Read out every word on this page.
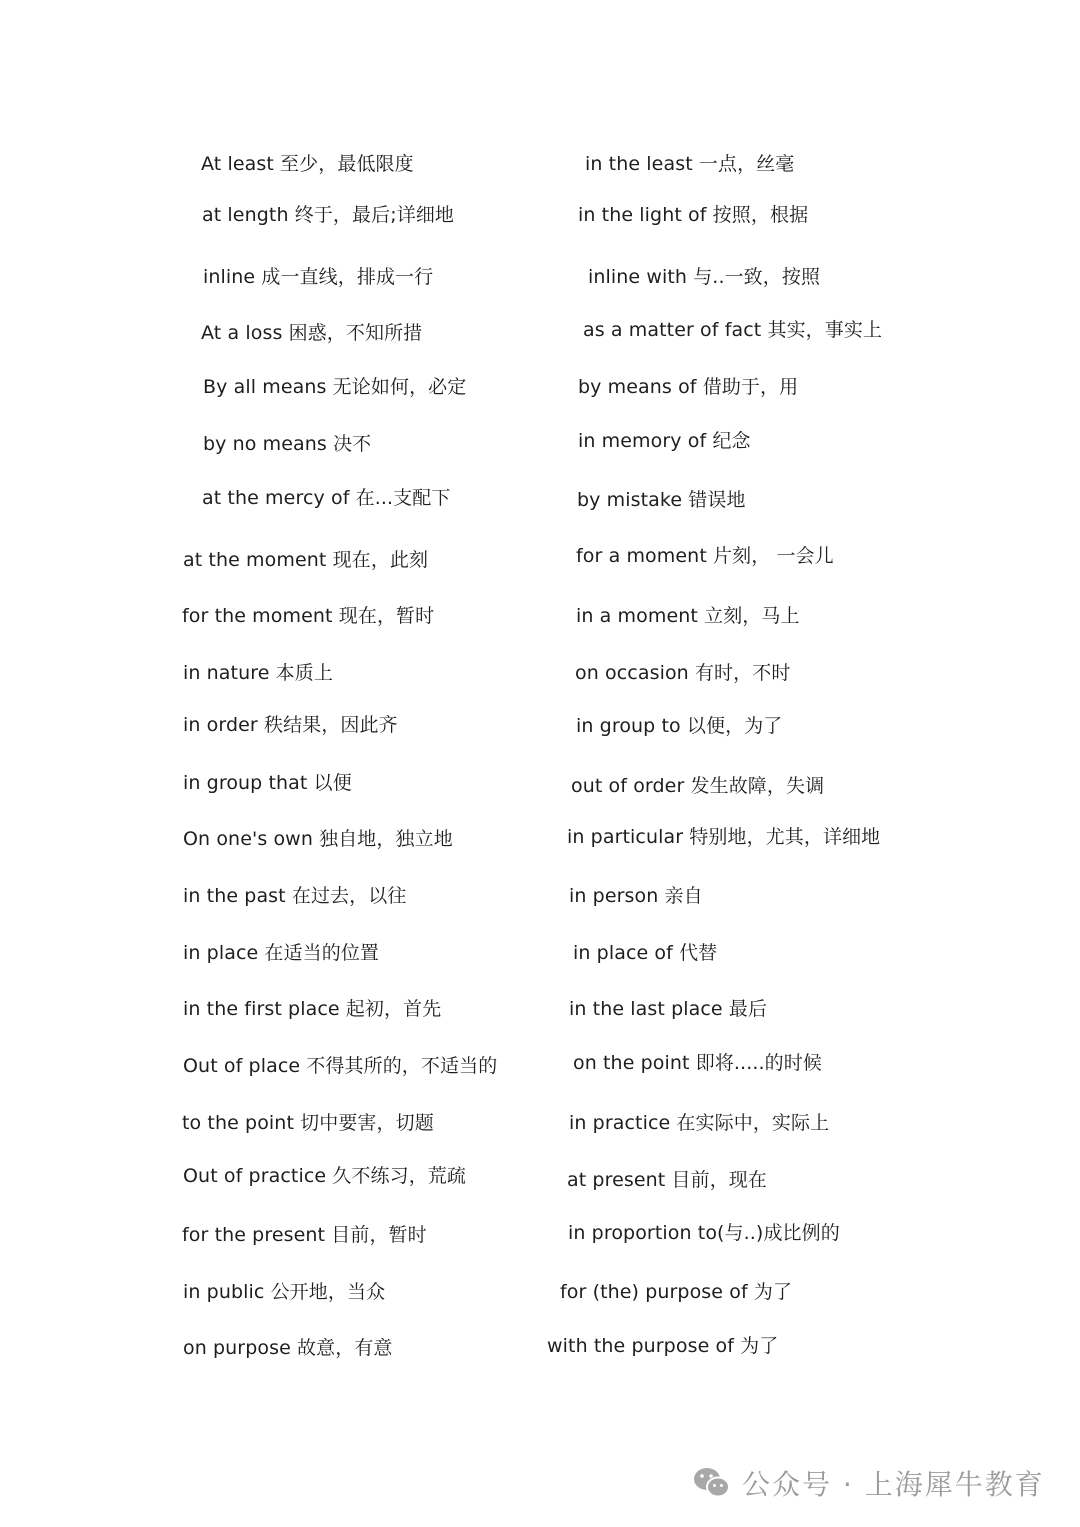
At least 至少，最低限度	in the least 一点，丝毫
at length 终于，最后;详细地	in the light of 按照，根据
inline 成一直线，排成一行	inline with 与..一致，按照
At a loss 困惑，不知所措	as a matter of fact 其实，事实上
By all means 无论如何，必定	by means of 借助于，用
by no means 决不	in memory of 纪念
at the mercy of 在...支配下	by mistake 错误地
at the moment 现在，此刻	for a moment 片刻， 一会儿
for the moment 现在，暂时	in a moment 立刻，马上
in nature 本质上	on occasion 有时，不时
in order 秩结果，因此齐	in group to 以便，为了
in group that 以便	out of order 发生故障，失调
On one's own 独自地，独立地	in particular 特别地，尤其，详细地
in the past 在过去，以往	in person 亲自
in place 在适当的位置	in place of 代替
in the first place 起初，首先	in the last place 最后
Out of place 不得其所的，不适当的	on the point 即将.....的时候
to the point 切中要害，切题	in practice 在实际中，实际上
Out of practice 久不练习，荒疏	at present 目前，现在
for the present 目前，暂时	in proportion to(与..)成比例的
in public 公开地，当众	for (the) purpose of 为了
on purpose 故意，有意	with the purpose of 为了
公众号 · 上海犀牛教育
